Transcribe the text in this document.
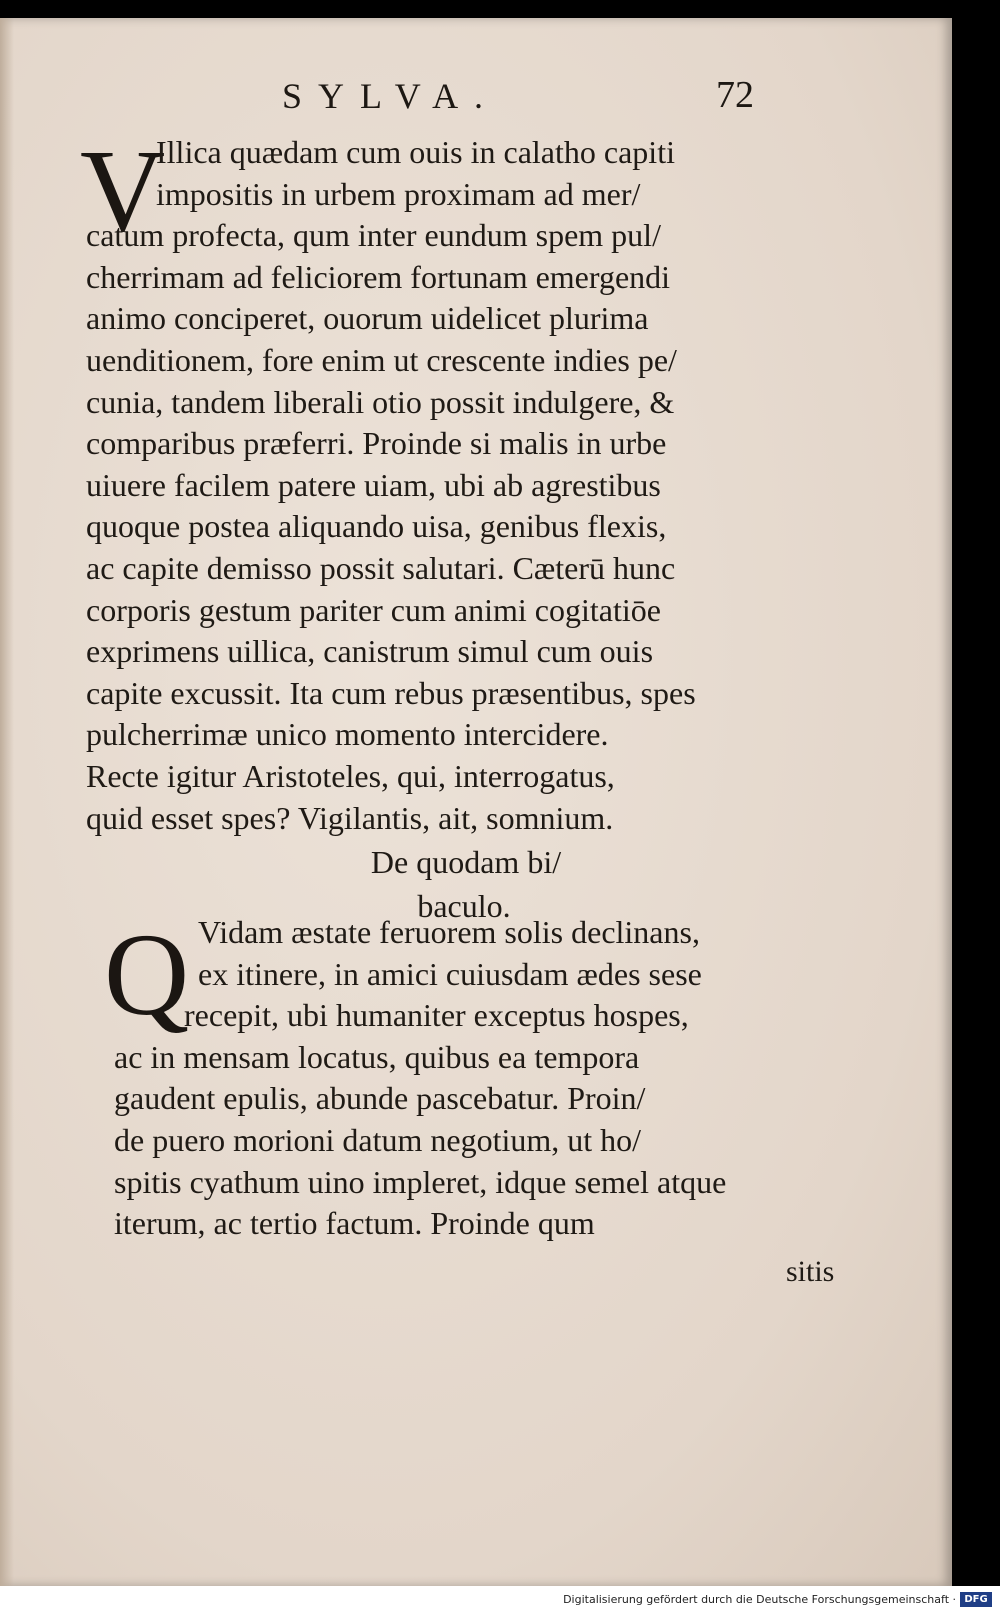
SYLVA.	72
V
Illica quædam cum ouis in calatho capiti
impositis in urbem proximam ad mer/
catum profecta, qum inter eundum spem pul/
cherrimam ad feliciorem fortunam emergendi
animo conciperet, ouorum uidelicet plurima
uenditionem, fore enim ut crescente indies pe/
cunia, tandem liberali otio possit indulgere, &
comparibus præferri. Proinde si malis in urbe
uiuere facilem patere uiam, ubi ab agrestibus
quoque postea aliquando uisa, genibus flexis,
ac capite demisso possit salutari. Cæterū hunc
corporis gestum pariter cum animi cogitatiōe
exprimens uillica, canistrum simul cum ouis
capite excussit. Ita cum rebus præsentibus, spes
pulcherrimæ unico momento intercidere.
Recte igitur Aristoteles, qui, interrogatus,
quid esset spes? Vigilantis, ait, somnium.
De quodam bi/
baculo.
Q Vidam æstate feruorem solis declinans,
ex itinere, in amici cuiusdam ædes sese
recepit, ubi humaniter exceptus hospes,
ac in mensam locatus, quibus ea tempora
gaudent epulis, abunde pascebatur. Proin/
de puero morioni datum negotium, ut ho/
spitis cyathum uino impleret, idque semel atque
iterum, ac tertio factum. Proinde qum
sitis
Digitalisierung gefördert durch die Deutsche Forschungsgemeinschaft · DFG
